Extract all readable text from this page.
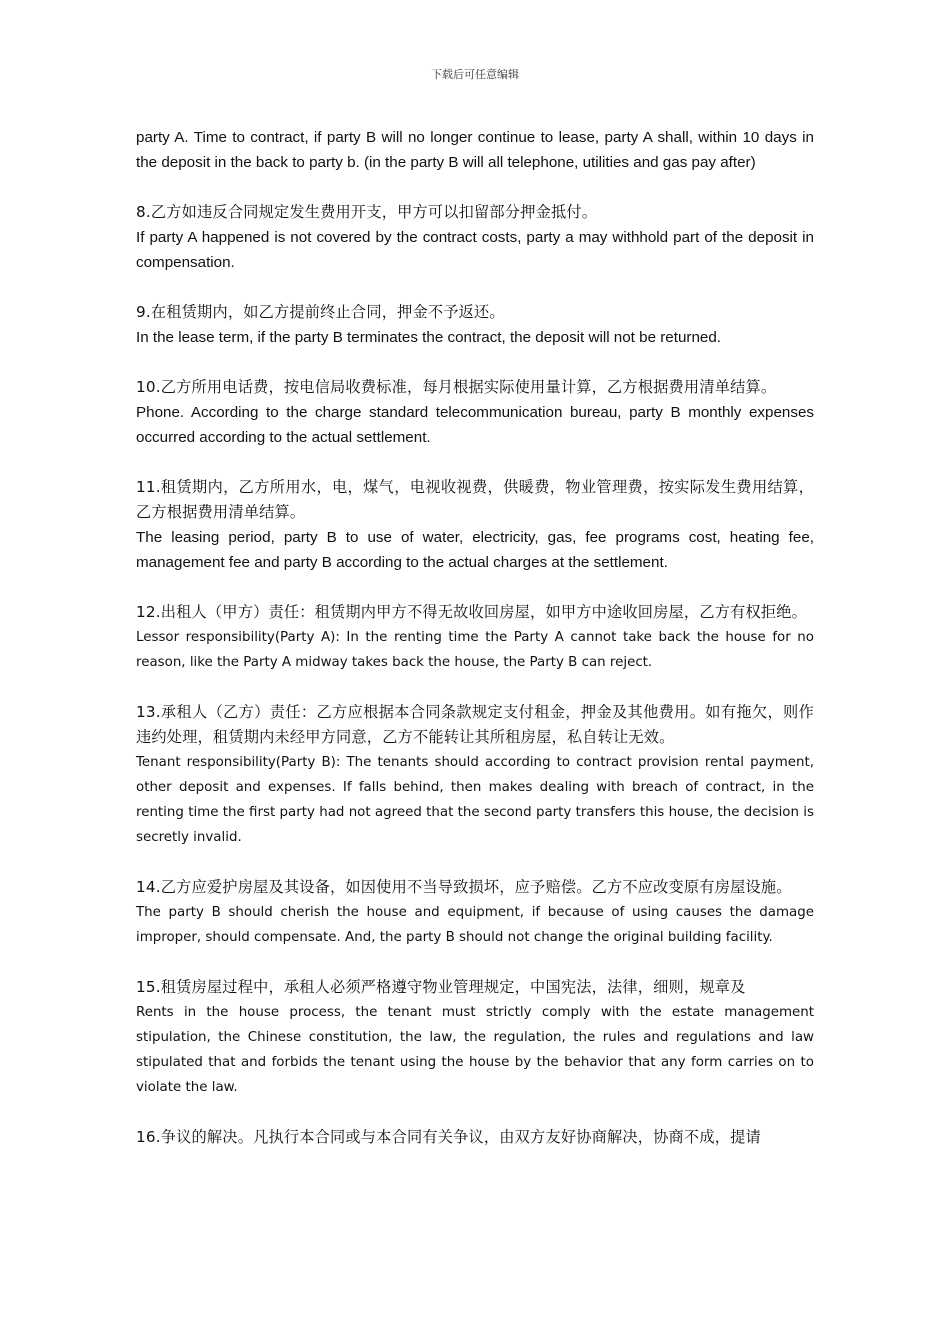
下载后可任意编辑

party A. Time to contract, if party B will no longer continue to lease, party A shall, within 10 days in the deposit in the back to party b. (in the party B will all telephone, utilities and gas pay after)

8.乙方如违反合同规定发生费用开支，甲方可以扣留部分押金抵付。

If party A happened is not covered by the contract costs, party a may withhold part of the deposit in compensation.

9.在租赁期内，如乙方提前终止合同，押金不予返还。

In the lease term, if the party B terminates the contract, the deposit will not be returned.

10.乙方所用电话费，按电信局收费标准，每月根据实际使用量计算，乙方根据费用清单结算。

Phone. According to the charge standard telecommunication bureau, party B monthly expenses occurred according to the actual settlement.

11.租赁期内，乙方所用水，电，煤气，电视收视费，供暖费，物业管理费，按实际发生费用结算，乙方根据费用清单结算。

The leasing period, party B to use of water, electricity, gas, fee programs cost, heating fee, management fee and party B according to the actual charges at the settlement.

12.出租人（甲方）责任：租赁期内甲方不得无故收回房屋，如甲方中途收回房屋，乙方有权拒绝。

Lessor responsibility(Party A): In the renting time the Party A cannot take back the house for no reason, like the Party A midway takes back the house, the Party B can reject.

13.承租人（乙方）责任：乙方应根据本合同条款规定支付租金，押金及其他费用。如有拖欠，则作违约处理，租赁期内未经甲方同意，乙方不能转让其所租房屋，私自转让无效。

Tenant responsibility(Party B): The tenants should according to contract provision rental payment, other deposit and expenses. If falls behind, then makes dealing with breach of contract, in the renting time the first party had not agreed that the second party transfers this house, the decision is secretly invalid.

14.乙方应爱护房屋及其设备，如因使用不当导致损坏，应予赔偿。乙方不应改变原有房屋设施。

The party B should cherish the house and equipment, if because of using causes the damage improper, should compensate. And, the party B should not change the original building facility.

15.租赁房屋过程中，承租人必须严格遵守物业管理规定，中国宪法，法律，细则，规章及

Rents in the house process, the tenant must strictly comply with the estate management stipulation, the Chinese constitution, the law, the regulation, the rules and regulations and law stipulated that and forbids the tenant using the house by the behavior that any form carries on to violate the law.

16.争议的解决。凡执行本合同或与本合同有关争议，由双方友好协商解决，协商不成，提请
